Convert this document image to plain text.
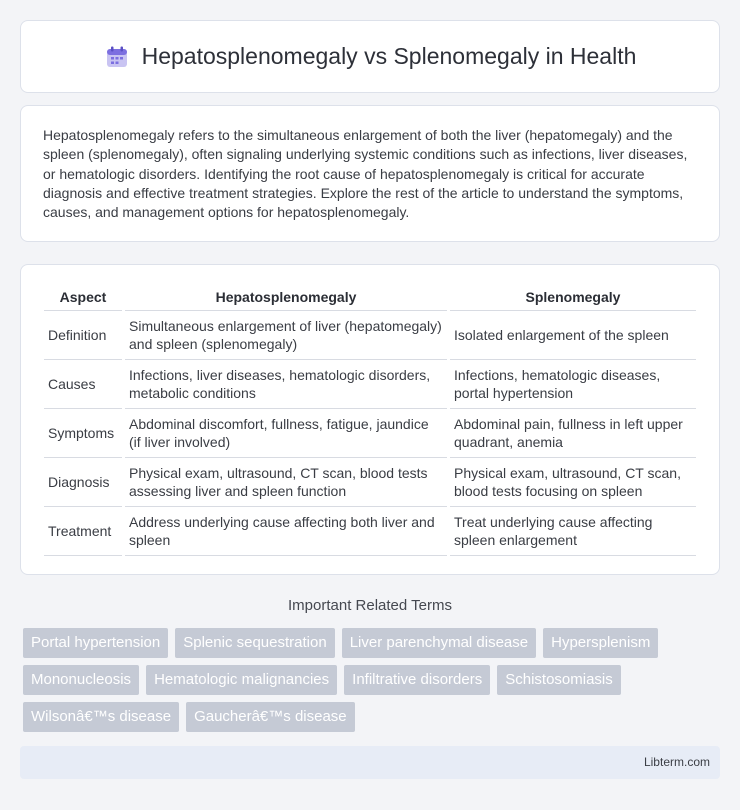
Hepatosplenomegaly vs Splenomegaly in Health

Hepatosplenomegaly refers to the simultaneous enlargement of both the liver (hepatomegaly) and the spleen (splenomegaly), often signaling underlying systemic conditions such as infections, liver diseases, or hematologic disorders. Identifying the root cause of hepatosplenomegaly is critical for accurate diagnosis and effective treatment strategies. Explore the rest of the article to understand the symptoms, causes, and management options for hepatosplenomegaly.

Aspect	Hepatosplenomegaly	Splenomegaly
Definition	Simultaneous enlargement of liver (hepatomegaly) and spleen (splenomegaly)	Isolated enlargement of the spleen
Causes	Infections, liver diseases, hematologic disorders, metabolic conditions	Infections, hematologic diseases, portal hypertension
Symptoms	Abdominal discomfort, fullness, fatigue, jaundice (if liver involved)	Abdominal pain, fullness in left upper quadrant, anemia
Diagnosis	Physical exam, ultrasound, CT scan, blood tests assessing liver and spleen function	Physical exam, ultrasound, CT scan, blood tests focusing on spleen
Treatment	Address underlying cause affecting both liver and spleen	Treat underlying cause affecting spleen enlargement
Important Related Terms
Portal hypertension	Splenic sequestration	Liver parenchymal disease	Hypersplenism
Mononucleosis	Hematologic malignancies	Infiltrative disorders	Schistosomiasis
Wilsonâ€™s disease	Gaucherâ€™s disease
Libterm.com
